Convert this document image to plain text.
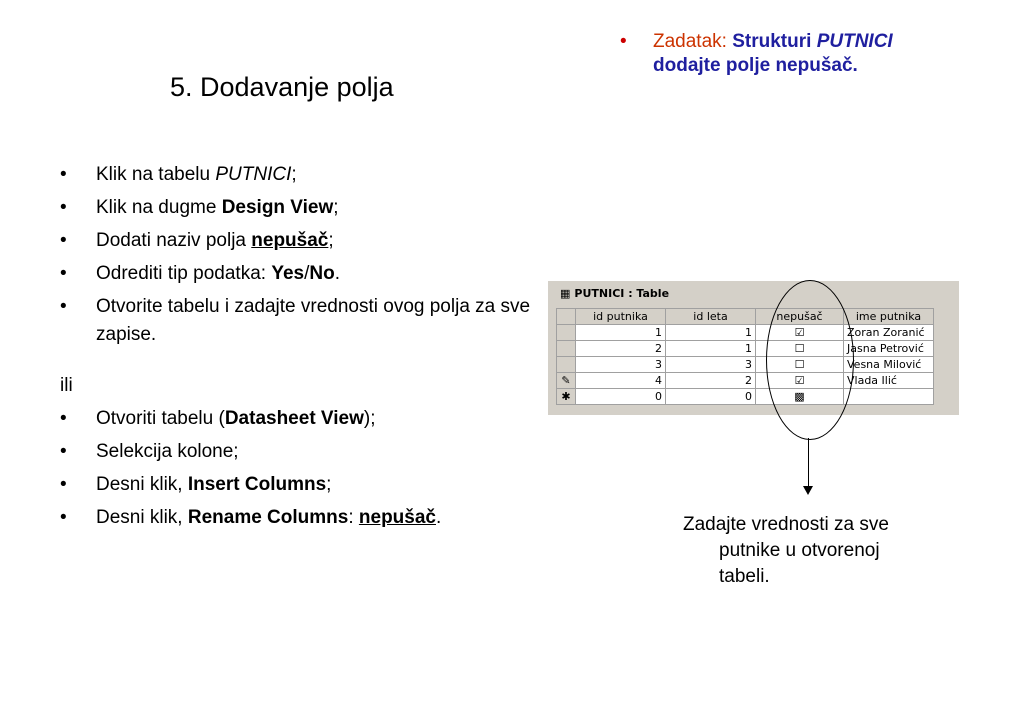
5. Dodavanje polja
• Zadatak: Strukturi PUTNICI dodajte polje nepušač.
• Klik na tabelu PUTNICI;
• Klik na dugme Design View;
• Dodati naziv polja nepušač;
• Odrediti tip podatka: Yes/No.
• Otvorite tabelu i zadajte vrednosti ovog polja za sve zapise.
ili
• Otvoriti tabelu (Datasheet View);
• Selekcija kolone;
• Desni klik, Insert Columns;
• Desni klik, Rename Columns: nepušač.
▦ PUTNICI : Table
	id putnika	id leta	nepušač	ime putnika
	1	1	☑	Zoran Zoranić
	2	1	☐	Jasna Petrović
	3	3	☐	Vesna Milović
✎	4	2	☑	Vlada Ilić
✱	0	0	▩	
Zadajte vrednosti za sve
putnike u otvorenoj
tabeli.
